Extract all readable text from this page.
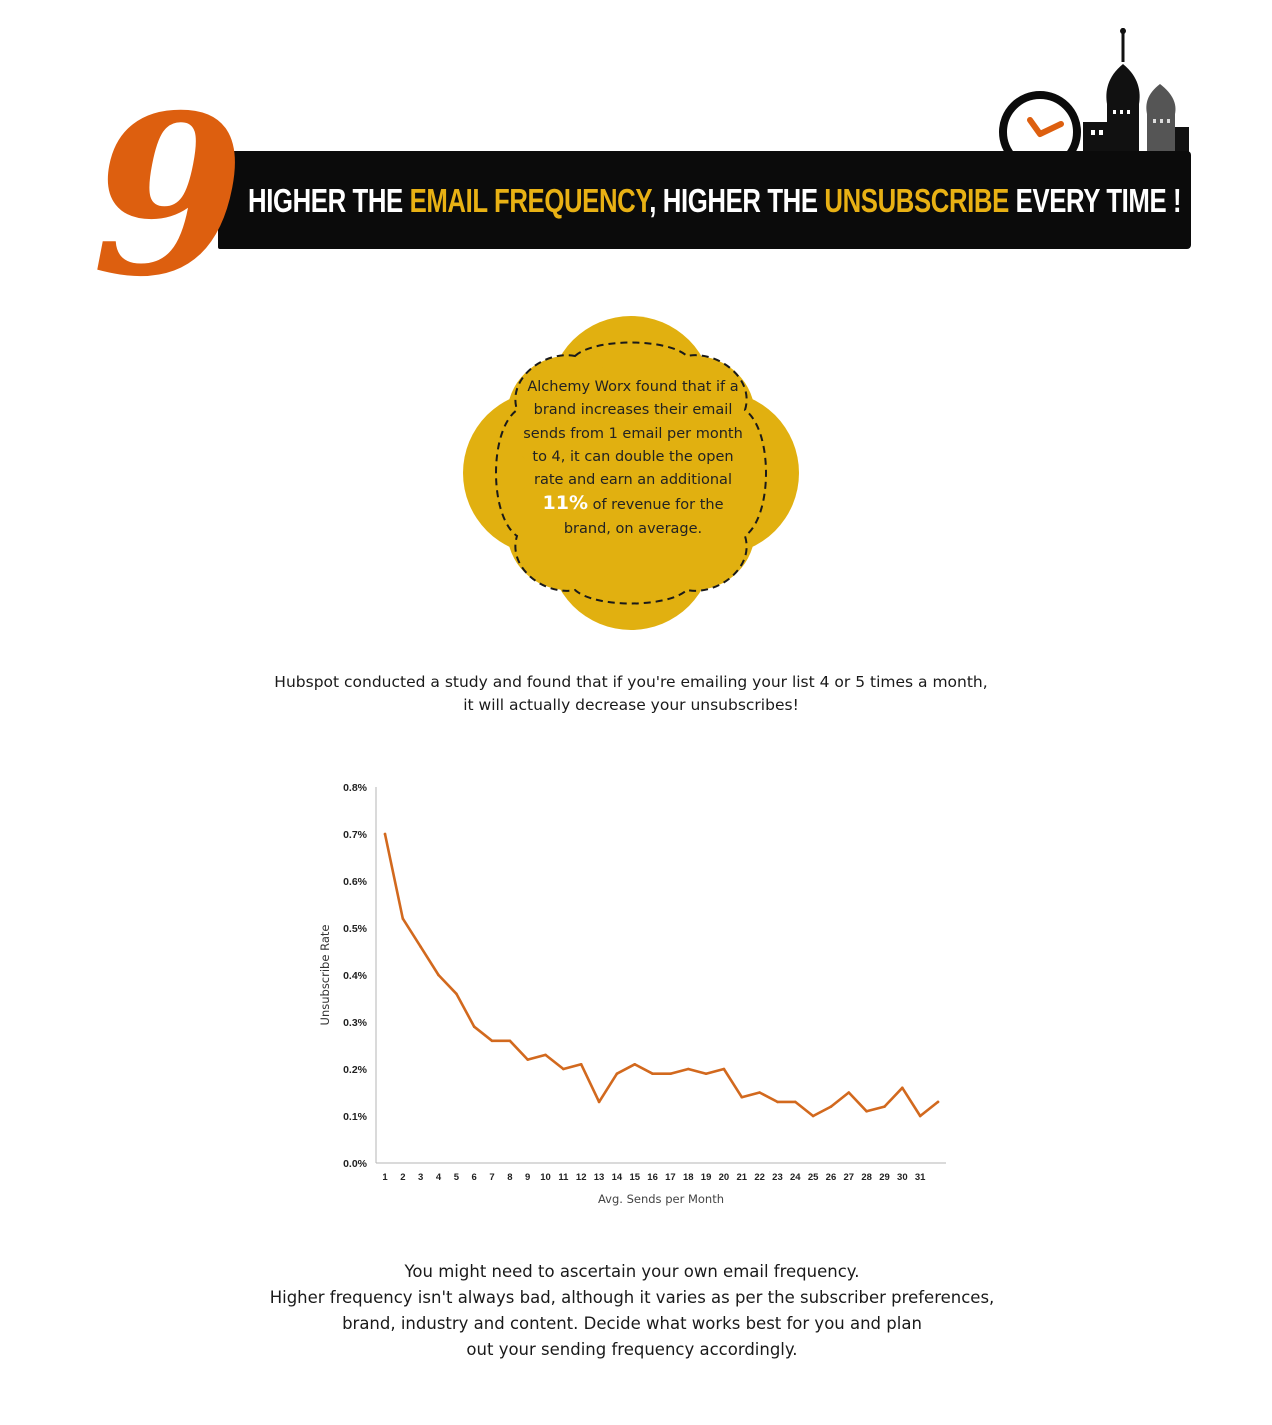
9 HIGHER THE EMAIL FREQUENCY, HIGHER THE UNSUBSCRIBE EVERY TIME !
Alchemy Worx found that if a brand increases their email sends from 1 email per month to 4, it can double the open rate and earn an additional 11% of revenue for the brand, on average.
Hubspot conducted a study and found that if you're emailing your list 4 or 5 times a month,
it will actually decrease your unsubscribes!
0.0%
0.1%
0.2%
0.3%
0.4%
0.5%
0.6%
0.7%
0.8%
1 2 3 4 5 6 7 8 9 10 11 12 13 14 15 16 17 18 19 20 21 22 23 24 25 26 27 28 29 30 31
Unsubscribe Rate
Avg. Sends per Month
You might need to ascertain your own email frequency.
Higher frequency isn't always bad, although it varies as per the subscriber preferences,
brand, industry and content. Decide what works best for you and plan
out your sending frequency accordingly.
